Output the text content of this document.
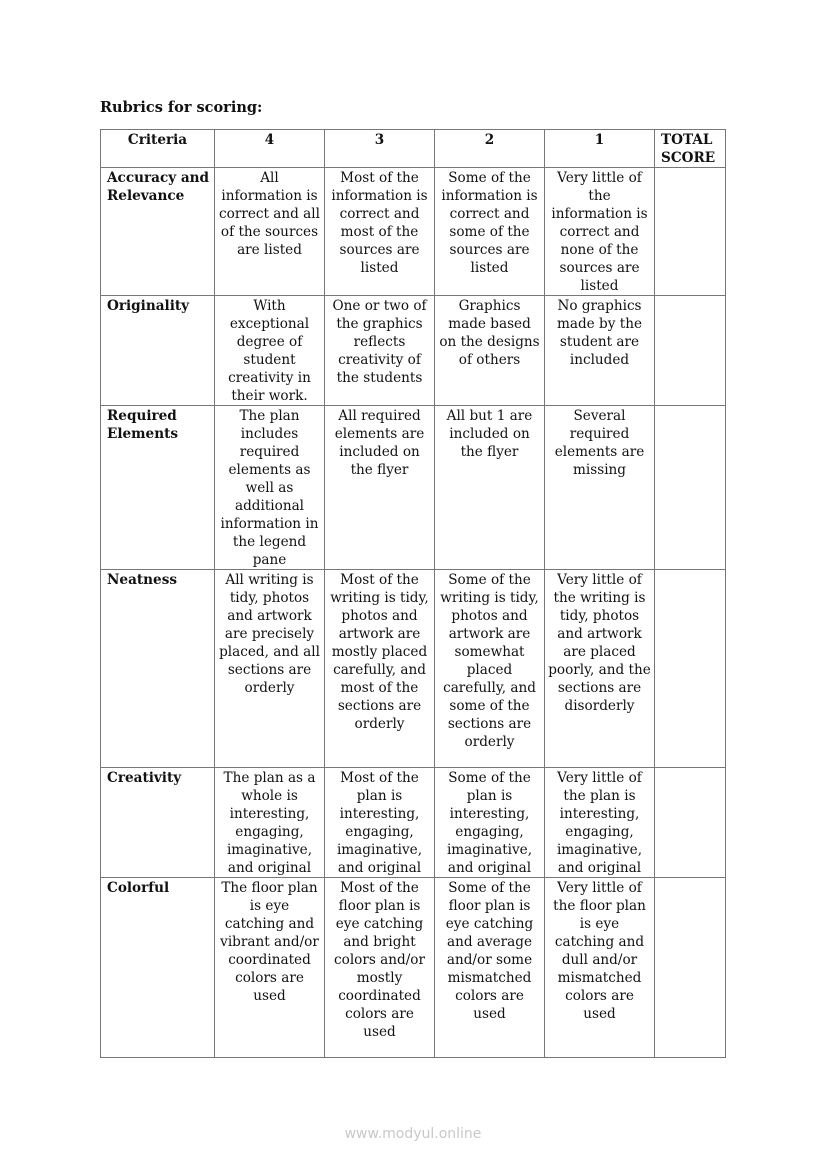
Rubrics for scoring:
Criteria	4	3	2	1	TOTAL SCORE
Accuracy and Relevance	All information is correct and all of the sources are listed	Most of the information is correct and most of the sources are listed	Some of the information is correct and some of the sources are listed	Very little of the information is correct and none of the sources are listed	
Originality	With exceptional degree of student creativity in their work.	One or two of the graphics reflects creativity of the students	Graphics made based on the designs of others	No graphics made by the student are included	
Required Elements	The plan includes required elements as well as additional information in the legend pane	All required elements are included on the flyer	All but 1 are included on the flyer	Several required elements are missing	
Neatness	All writing is tidy, photos and artwork are precisely placed, and all sections are orderly	Most of the writing is tidy, photos and artwork are mostly placed carefully, and most of the sections are orderly	Some of the writing is tidy, photos and artwork are somewhat placed carefully, and some of the sections are orderly	Very little of the writing is tidy, photos and artwork are placed poorly, and the sections are disorderly	
Creativity	The plan as a whole is interesting, engaging, imaginative, and original	Most of the plan is interesting, engaging, imaginative, and original	Some of the plan is interesting, engaging, imaginative, and original	Very little of the plan is interesting, engaging, imaginative, and original	
Colorful	The floor plan is eye catching and vibrant and/or coordinated colors are used	Most of the floor plan is eye catching and bright colors and/or mostly coordinated colors are used	Some of the floor plan is eye catching and average and/or some mismatched colors are used	Very little of the floor plan is eye catching and dull and/or mismatched colors are used	
www.modyul.online
